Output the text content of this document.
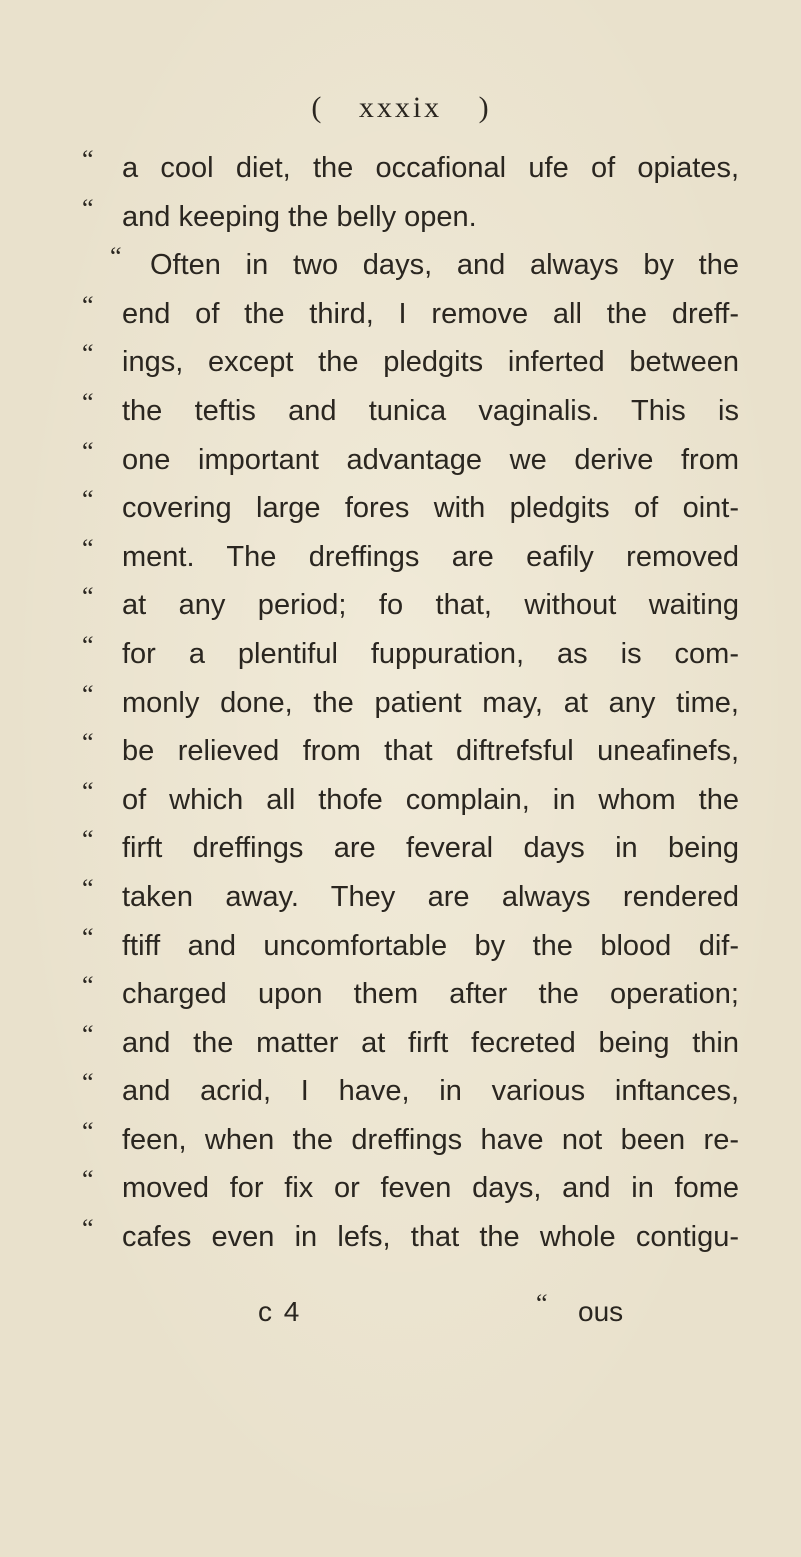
( xxxix )
“ a cool diet, the occafional ufe of opiates,
“ and keeping the belly open.
“ Often in two days, and always by the
“ end of the third, I remove all the dreff-
“ ings, except the pledgits inferted between
“ the teftis and tunica vaginalis. This is
“ one important advantage we derive from
“ covering large fores with pledgits of oint-
“ ment. The dreffings are eafily removed
“ at any period; fo that, without waiting
“ for a plentiful fuppuration, as is com-
“ monly done, the patient may, at any time,
“ be relieved from that diftrefsful uneafinefs,
“ of which all thofe complain, in whom the
“ firft dreffings are feveral days in being
“ taken away. They are always rendered
“ ftiff and uncomfortable by the blood dif-
“ charged upon them after the operation;
“ and the matter at firft fecreted being thin
“ and acrid, I have, in various inftances,
“ feen, when the dreffings have not been re-
“ moved for fix or feven days, and in fome
“ cafes even in lefs, that the whole contigu-
c 4	“ ous
